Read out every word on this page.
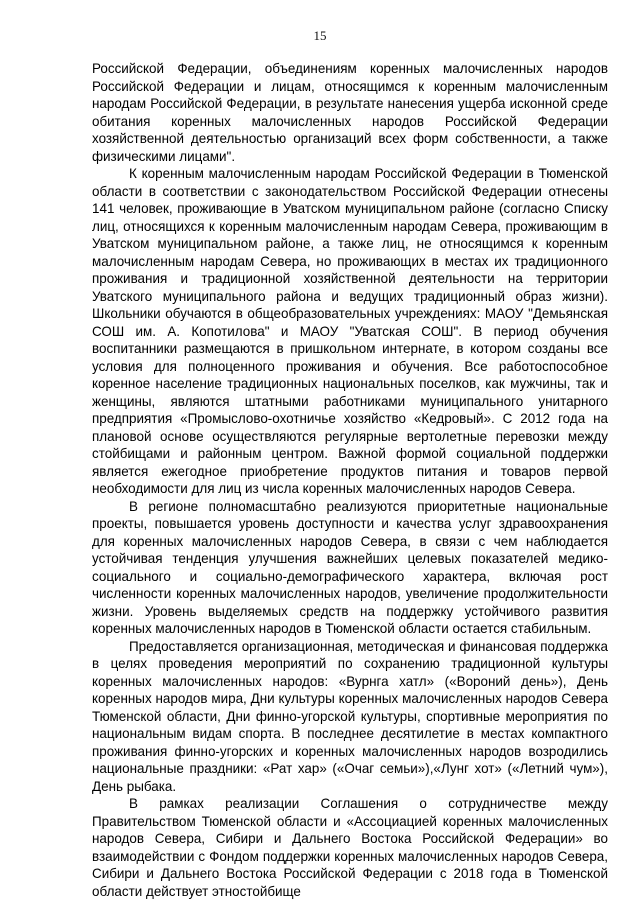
15

Российской Федерации, объединениям коренных малочисленных народов Российской Федерации и лицам, относящимся к коренным малочисленным народам Российской Федерации, в результате нанесения ущерба исконной среде обитания коренных малочисленных народов Российской Федерации хозяйственной деятельностью организаций всех форм собственности, а также физическими лицами".

К коренным малочисленным народам Российской Федерации в Тюменской области в соответствии с законодательством Российской Федерации отнесены 141 человек, проживающие в Уватском муниципальном районе (согласно Списку лиц, относящихся к коренным малочисленным народам Севера, проживающим в Уватском муниципальном районе, а также лиц, не относящимся к коренным малочисленным народам Севера, но проживающих в местах их традиционного проживания и традиционной хозяйственной деятельности на территории Уватского муниципального района и ведущих традиционный образ жизни). Школьники обучаются в общеобразовательных учреждениях: МАОУ "Демьянская СОШ им. А. Копотилова" и МАОУ "Уватская СОШ". В период обучения воспитанники размещаются в пришкольном интернате, в котором созданы все условия для полноценного проживания и обучения. Все работоспособное коренное население традиционных национальных поселков, как мужчины, так и женщины, являются штатными работниками муниципального унитарного предприятия «Промыслово-охотничье хозяйство «Кедровый». С 2012 года на плановой основе осуществляются регулярные вертолетные перевозки между стойбищами и районным центром. Важной формой социальной поддержки является ежегодное приобретение продуктов питания и товаров первой необходимости для лиц из числа коренных малочисленных народов Севера.

В регионе полномасштабно реализуются приоритетные национальные проекты, повышается уровень доступности и качества услуг здравоохранения для коренных малочисленных народов Севера, в связи с чем наблюдается устойчивая тенденция улучшения важнейших целевых показателей медико-социального и социально-демографического характера, включая рост численности коренных малочисленных народов, увеличение продолжительности жизни. Уровень выделяемых средств на поддержку устойчивого развития коренных малочисленных народов в Тюменской области остается стабильным.

Предоставляется организационная, методическая и финансовая поддержка в целях проведения мероприятий по сохранению традиционной культуры коренных малочисленных народов: «Вурнга хатл» («Вороний день»), День коренных народов мира, Дни культуры коренных малочисленных народов Севера Тюменской области, Дни финно-угорской культуры, спортивные мероприятия по национальным видам спорта. В последнее десятилетие в местах компактного проживания финно-угорских и коренных малочисленных народов возродились национальные праздники: «Рат хар» («Очаг семьи»),«Лунг хот» («Летний чум»), День рыбака.

В рамках реализации Соглашения о сотрудничестве между Правительством Тюменской области и «Ассоциацией коренных малочисленных народов Севера, Сибири и Дальнего Востока Российской Федерации» во взаимодействии с Фондом поддержки коренных малочисленных народов Севера, Сибири и Дальнего Востока Российской Федерации с 2018 года в Тюменской области действует этностойбище
